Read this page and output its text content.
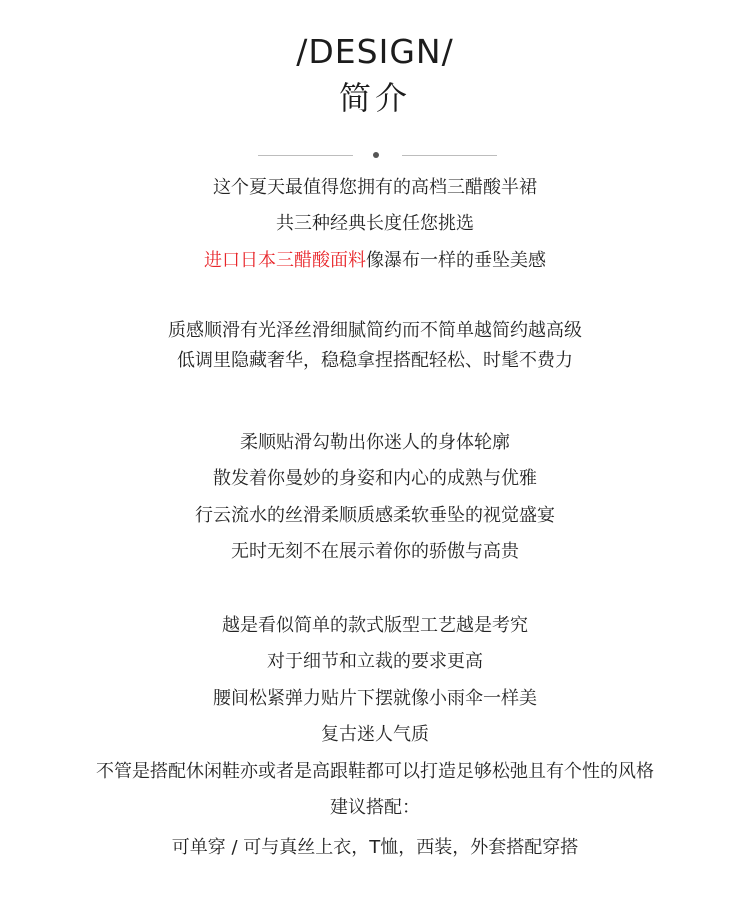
/DESIGN/
简介
这个夏天最值得您拥有的高档三醋酸半裙
共三种经典长度任您挑选
进口日本三醋酸面料像瀑布一样的垂坠美感
质感顺滑有光泽丝滑细腻简约而不简单越简约越高级
低调里隐藏奢华，稳稳拿捏搭配轻松、时髦不费力
柔顺贴滑勾勒出你迷人的身体轮廓
散发着你曼妙的身姿和内心的成熟与优雅
行云流水的丝滑柔顺质感柔软垂坠的视觉盛宴
无时无刻不在展示着你的骄傲与高贵
越是看似简单的款式版型工艺越是考究
对于细节和立裁的要求更高
腰间松紧弹力贴片下摆就像小雨伞一样美
复古迷人气质
不管是搭配休闲鞋亦或者是高跟鞋都可以打造足够松弛且有个性的风格
建议搭配：
可单穿 / 可与真丝上衣，T恤，西装，外套搭配穿搭
